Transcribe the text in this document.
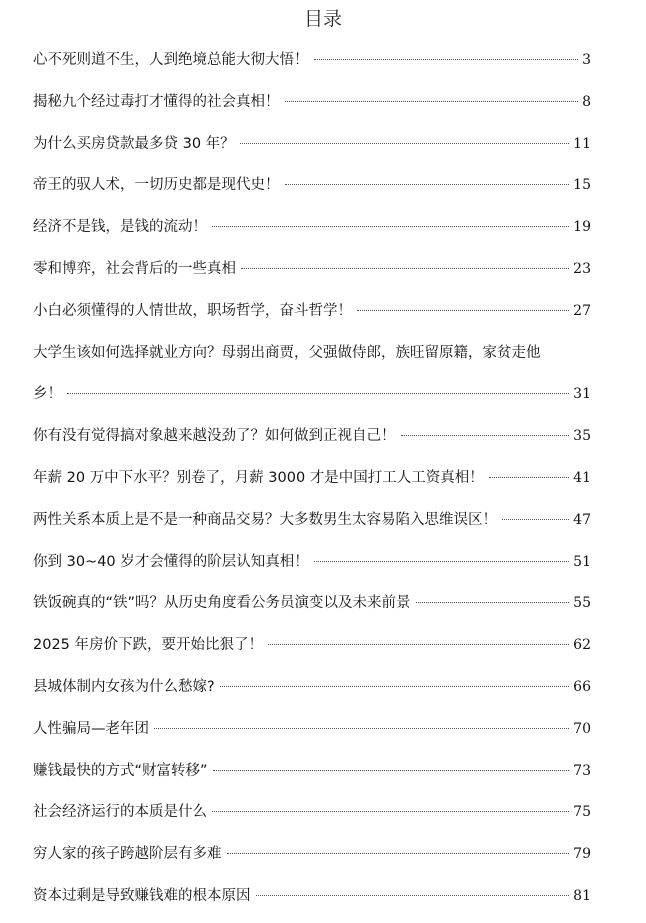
目录
心不死则道不生，人到绝境总能大彻大悟！	3
揭秘九个经过毒打才懂得的社会真相！	8
为什么买房贷款最多贷 30 年？	11
帝王的驭人术，一切历史都是现代史！	15
经济不是钱，是钱的流动！	19
零和博弈，社会背后的一些真相	23
小白必须懂得的人情世故，职场哲学，奋斗哲学！	27
大学生该如何选择就业方向？母弱出商贾，父强做侍郎，族旺留原籍，家贫走他
乡！	31
你有没有觉得搞对象越来越没劲了？如何做到正视自己！	35
年薪 20 万中下水平？别卷了，月薪 3000 才是中国打工人工资真相！	41
两性关系本质上是不是一种商品交易？大多数男生太容易陷入思维误区！	47
你到 30~40 岁才会懂得的阶层认知真相！	51
铁饭碗真的“铁”吗？从历史角度看公务员演变以及未来前景	55
2025 年房价下跌，要开始比狠了！	62
县城体制内女孩为什么愁嫁?	66
人性骗局—老年团	70
赚钱最快的方式“财富转移”	73
社会经济运行的本质是什么	75
穷人家的孩子跨越阶层有多难	79
资本过剩是导致赚钱难的根本原因	81
